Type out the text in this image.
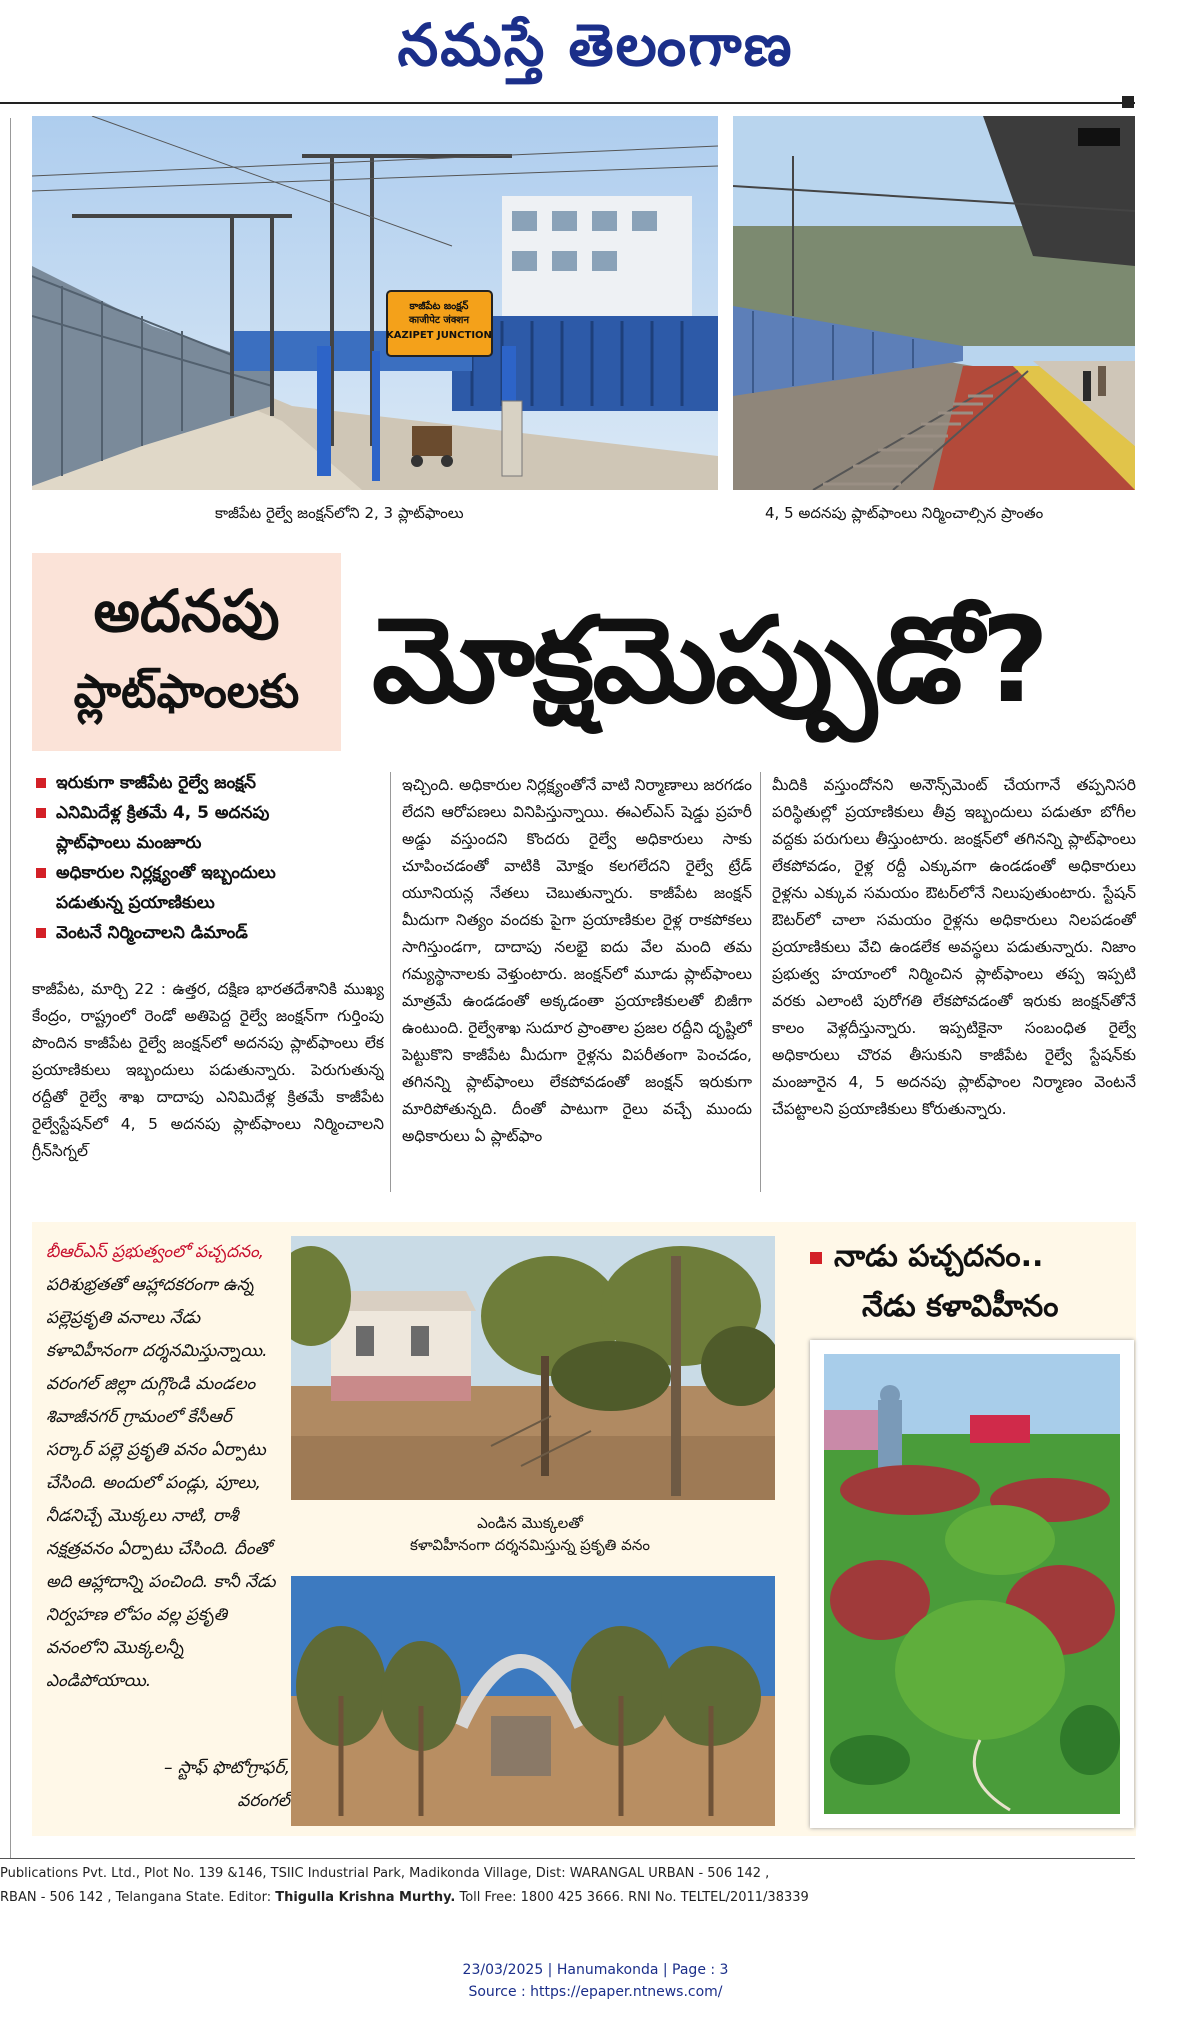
నమస్తే తెలంగాణ
కాజీపేట జంక్షన్
काजीपेट जंक्शन
KAZIPET JUNCTION
కాజీపేట రైల్వే జంక్షన్‌లోని 2, 3 ప్లాట్‌ఫాంలు	4, 5 అదనపు ప్లాట్‌ఫాంలు నిర్మించాల్సిన ప్రాంతం
అదనపు
ప్లాట్‌ఫాంలకు మోక్షమెప్పుడో?
ఇరుకుగా కాజీపేట రైల్వే జంక్షన్
ఎనిమిదేళ్ల క్రితమే 4, 5 అదనపు ప్లాట్‌ఫాంలు మంజూరు
అధికారుల నిర్లక్ష్యంతో ఇబ్బందులు పడుతున్న ప్రయాణికులు
వెంటనే నిర్మించాలని డిమాండ్
కాజీపేట, మార్చి 22 : ఉత్తర, దక్షిణ భారతదేశానికి ముఖ్య కేంద్రం, రాష్ట్రంలో రెండో అతిపెద్ద రైల్వే జంక్షన్‌గా గుర్తింపు పొందిన కాజీపేట రైల్వే జంక్షన్‌లో అదనపు ప్లాట్‌ఫాంలు లేక ప్రయాణికులు ఇబ్బందులు పడుతున్నారు. పెరుగుతున్న రద్దీతో రైల్వే శాఖ దాదాపు ఎనిమిదేళ్ల క్రితమే కాజీపేట రైల్వేస్టేషన్‌లో 4, 5 అదనపు ప్లాట్‌ఫాంలు నిర్మించాలని గ్రీన్‌సిగ్నల్
ఇచ్చింది. అధికారుల నిర్లక్ష్యంతోనే వాటి నిర్మాణాలు జరగడం లేదని ఆరోపణలు వినిపిస్తున్నాయి. ఈఎల్‌ఎస్ షెడ్డు ప్రహరీ అడ్డు వస్తుందని కొందరు రైల్వే అధికారులు సాకు చూపించడంతో వాటికి మోక్షం కలగలేదని రైల్వే ట్రేడ్ యూనియన్ల నేతలు చెబుతున్నారు. కాజీపేట జంక్షన్ మీదుగా నిత్యం వందకు పైగా ప్రయాణికుల రైళ్ల రాకపోకలు సాగిస్తుండగా, దాదాపు నలభై ఐదు వేల మంది తమ గమ్యస్థానాలకు వెళ్తుంటారు. జంక్షన్‌లో మూడు ప్లాట్‌ఫాంలు మాత్రమే ఉండడంతో అక్కడంతా ప్రయాణికులతో బిజీగా ఉంటుంది. రైల్వేశాఖ సుదూర ప్రాంతాల ప్రజల రద్దీని దృష్టిలో పెట్టుకొని కాజీపేట మీదుగా రైళ్లను విపరీతంగా పెంచడం, తగినన్ని ప్లాట్‌ఫాంలు లేకపోవడంతో జంక్షన్ ఇరుకుగా మారిపోతున్నది. దీంతో పాటుగా రైలు వచ్చే ముందు అధికారులు ఏ ప్లాట్‌ఫాం
మీదికి వస్తుందోనని అనౌన్స్‌మెంట్ చేయగానే తప్పనిసరి పరిస్థితుల్లో ప్రయాణికులు తీవ్ర ఇబ్బందులు పడుతూ బోగీల వద్దకు పరుగులు తీస్తుంటారు. జంక్షన్‌లో తగినన్ని ప్లాట్‌ఫాంలు లేకపోవడం, రైళ్ల రద్దీ ఎక్కువగా ఉండడంతో అధికారులు రైళ్లను ఎక్కువ సమయం ఔటర్‌లోనే నిలుపుతుంటారు. స్టేషన్ ఔటర్‌లో చాలా సమయం రైళ్లను అధికారులు నిలపడంతో ప్రయాణికులు వేచి ఉండలేక అవస్థలు పడుతున్నారు. నిజాం ప్రభుత్వ హయాంలో నిర్మించిన ప్లాట్‌ఫాంలు తప్ప ఇప్పటి వరకు ఎలాంటి పురోగతి లేకపోవడంతో ఇరుకు జంక్షన్‌తోనే కాలం వెళ్లదీస్తున్నారు. ఇప్పటికైనా సంబంధిత రైల్వే అధికారులు చొరవ తీసుకుని కాజీపేట రైల్వే స్టేషన్‌కు మంజూరైన 4, 5 అదనపు ప్లాట్‌ఫాంల నిర్మాణం వెంటనే చేపట్టాలని ప్రయాణికులు కోరుతున్నారు.
బీఆర్‌ఎస్ ప్రభుత్వంలో పచ్చదనం, పరిశుభ్రతతో ఆహ్లాదకరంగా ఉన్న పల్లెప్రకృతి వనాలు నేడు కళావిహీనంగా దర్శనమిస్తున్నాయి. వరంగల్ జిల్లా దుగ్గొండి మండలం శివాజీనగర్ గ్రామంలో కేసీఆర్ సర్కార్ పల్లె ప్రకృతి వనం ఏర్పాటు చేసింది. అందులో పండ్లు, పూలు, నీడనిచ్చే మొక్కలు నాటి, రాశీ నక్షత్రవనం ఏర్పాటు చేసింది. దీంతో అది ఆహ్లాదాన్ని పంచింది. కానీ నేడు నిర్వహణ లోపం వల్ల ప్రకృతి వనంలోని మొక్కలన్నీ ఎండిపోయాయి.
– స్టాఫ్ ఫొటోగ్రాఫర్,
వరంగల్
ఎండిన మొక్కలతో
కళావిహీనంగా దర్శనమిస్తున్న ప్రకృతి వనం
నాడు పచ్చదనం..
నేడు కళావిహీనం
Publications Pvt. Ltd., Plot No. 139 &146, TSIIC Industrial Park, Madikonda Village, Dist: WARANGAL URBAN - 506 142 ,
RBAN - 506 142 , Telangana State. Editor: Thigulla Krishna Murthy. Toll Free: 1800 425 3666. RNI No. TELTEL/2011/38339
23/03/2025 | Hanumakonda | Page : 3
Source : https://epaper.ntnews.com/
